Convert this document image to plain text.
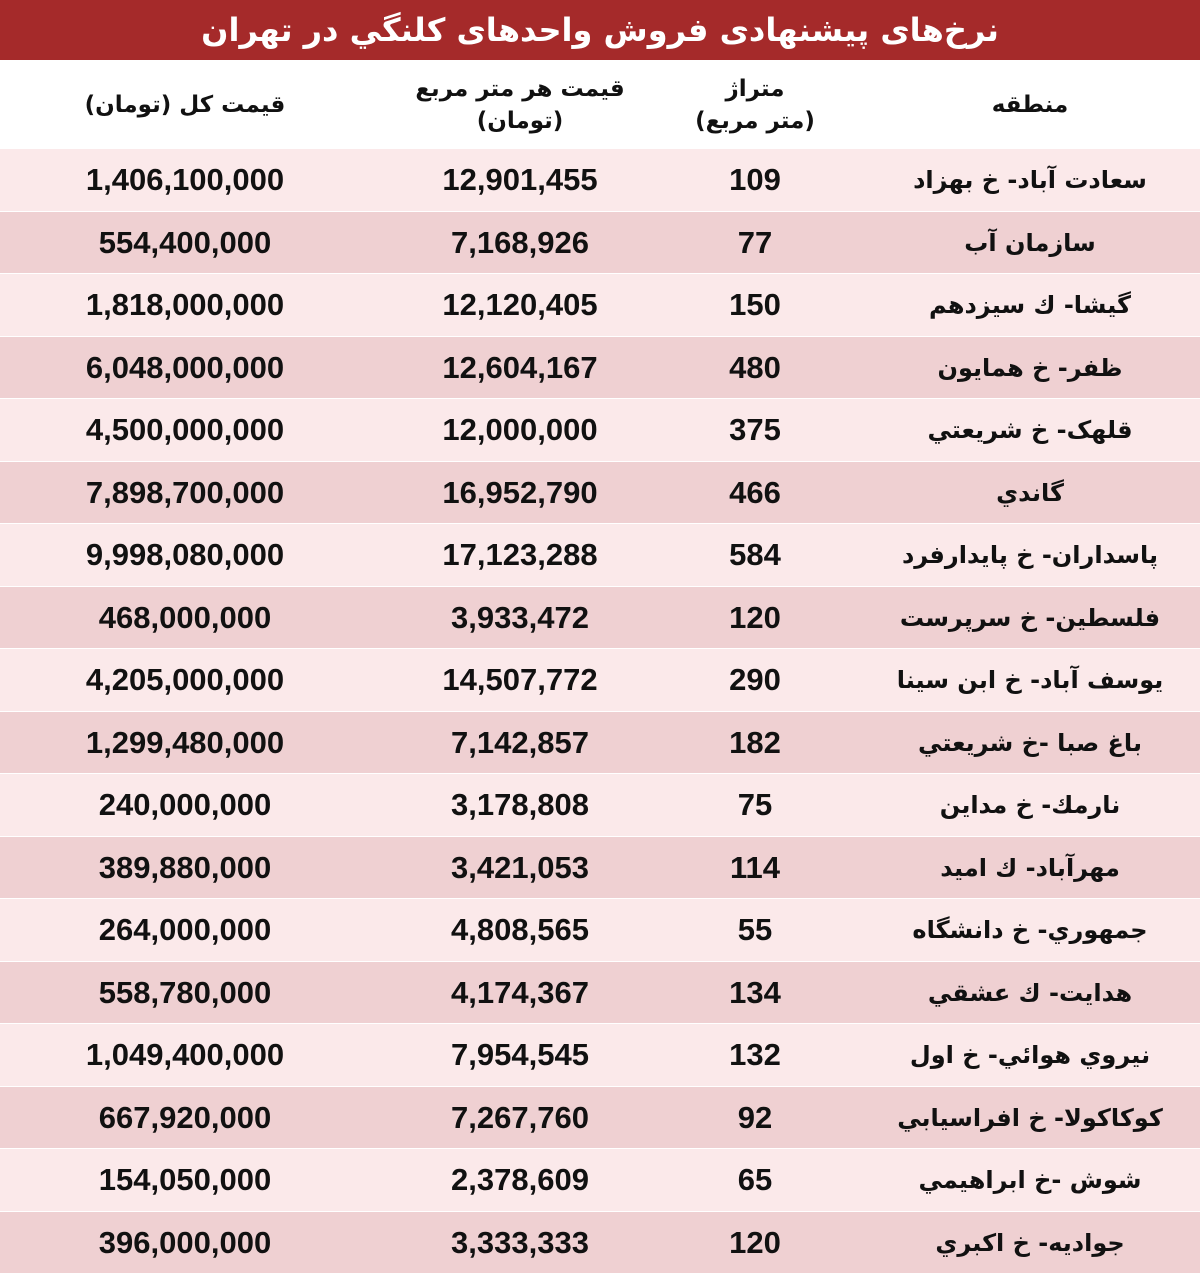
نرخ‌های پیشنهادی فروش واحدهای کلنگي در تهران
منطقه
متراژ
(متر مربع)
قیمت هر متر مربع
(تومان)
قیمت کل (تومان)
سعادت آباد- خ بهزاد
109
12,901,455
1,406,100,000
سازمان آب
77
7,168,926
554,400,000
گیشا- ك سیزدهم
150
12,120,405
1,818,000,000
ظفر- خ همایون
480
12,604,167
6,048,000,000
قلهک- خ شریعتي
375
12,000,000
4,500,000,000
گاندي
466
16,952,790
7,898,700,000
پاسداران- خ پایدارفرد
584
17,123,288
9,998,080,000
فلسطین- خ سرپرست
120
3,933,472
468,000,000
یوسف آباد- خ ابن سینا
290
14,507,772
4,205,000,000
باغ صبا -خ شریعتي
182
7,142,857
1,299,480,000
نارمك- خ مداين
75
3,178,808
240,000,000
مهرآباد- ك امید
114
3,421,053
389,880,000
جمهوري- خ دانشگاه
55
4,808,565
264,000,000
هدایت- ك عشقي
134
4,174,367
558,780,000
نیروي هوائي- خ اول
132
7,954,545
1,049,400,000
کوکاکولا- خ افراسیابي
92
7,267,760
667,920,000
شوش -خ ابراهیمي
65
2,378,609
154,050,000
جوادیه- خ اکبري
120
3,333,333
396,000,000
